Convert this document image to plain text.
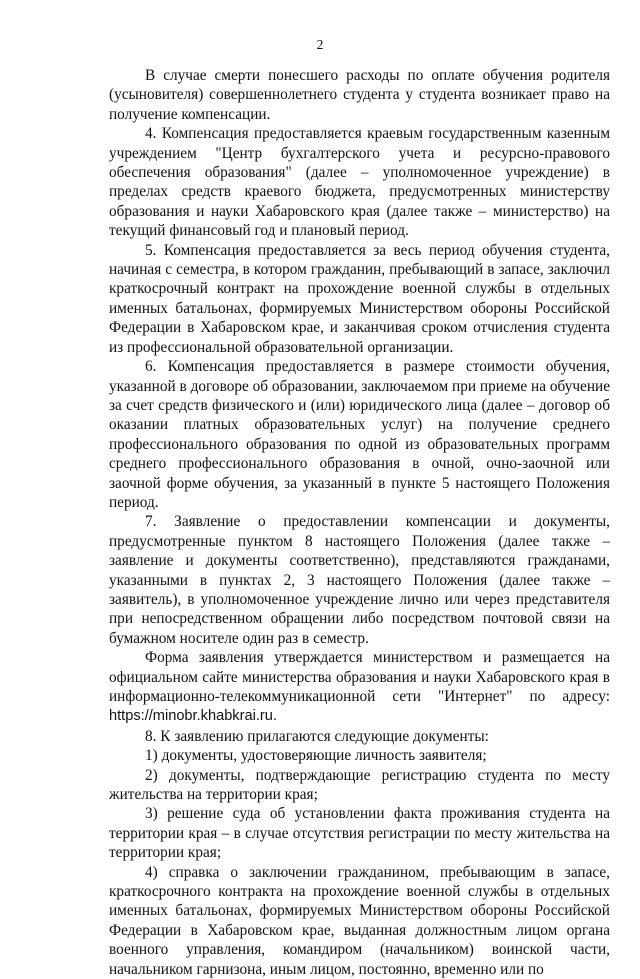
2

В случае смерти понесшего расходы по оплате обучения родителя (усыновителя) совершеннолетнего студента у студента возникает право на получение компенсации.

4. Компенсация предоставляется краевым государственным казенным учреждением "Центр бухгалтерского учета и ресурсно-правового обеспечения образования" (далее – уполномоченное учреждение) в пределах средств краевого бюджета, предусмотренных министерству образования и науки Хабаровского края (далее также – министерство) на текущий финансовый год и плановый период.

5. Компенсация предоставляется за весь период обучения студента, начиная с семестра, в котором гражданин, пребывающий в запасе, заключил краткосрочный контракт на прохождение военной службы в отдельных именных батальонах, формируемых Министерством обороны Российской Федерации в Хабаровском крае, и заканчивая сроком отчисления студента из профессиональной образовательной организации.

6. Компенсация предоставляется в размере стоимости обучения, указанной в договоре об образовании, заключаемом при приеме на обучение за счет средств физического и (или) юридического лица (далее – договор об оказании платных образовательных услуг) на получение среднего профессионального образования по одной из образовательных программ среднего профессионального образования в очной, очно-заочной или заочной форме обучения, за указанный в пункте 5 настоящего Положения период.

7. Заявление о предоставлении компенсации и документы, предусмотренные пунктом 8 настоящего Положения (далее также – заявление и документы соответственно), представляются гражданами, указанными в пунктах 2, 3 настоящего Положения (далее также – заявитель), в уполномоченное учреждение лично или через представителя при непосредственном обращении либо посредством почтовой связи на бумажном носителе один раз в семестр.

Форма заявления утверждается министерством и размещается на официальном сайте министерства образования и науки Хабаровского края в информационно-телекоммуникационной сети "Интернет" по адресу: https://minobr.khabkrai.ru.

8. К заявлению прилагаются следующие документы:

1) документы, удостоверяющие личность заявителя;

2) документы, подтверждающие регистрацию студента по месту жительства на территории края;

3) решение суда об установлении факта проживания студента на территории края – в случае отсутствия регистрации по месту жительства на территории края;

4) справка о заключении гражданином, пребывающим в запасе, краткосрочного контракта на прохождение военной службы в отдельных именных батальонах, формируемых Министерством обороны Российской Федерации в Хабаровском крае, выданная должностным лицом органа военного управления, командиром (начальником) воинской части, начальником гарнизона, иным лицом, постоянно, временно или по
